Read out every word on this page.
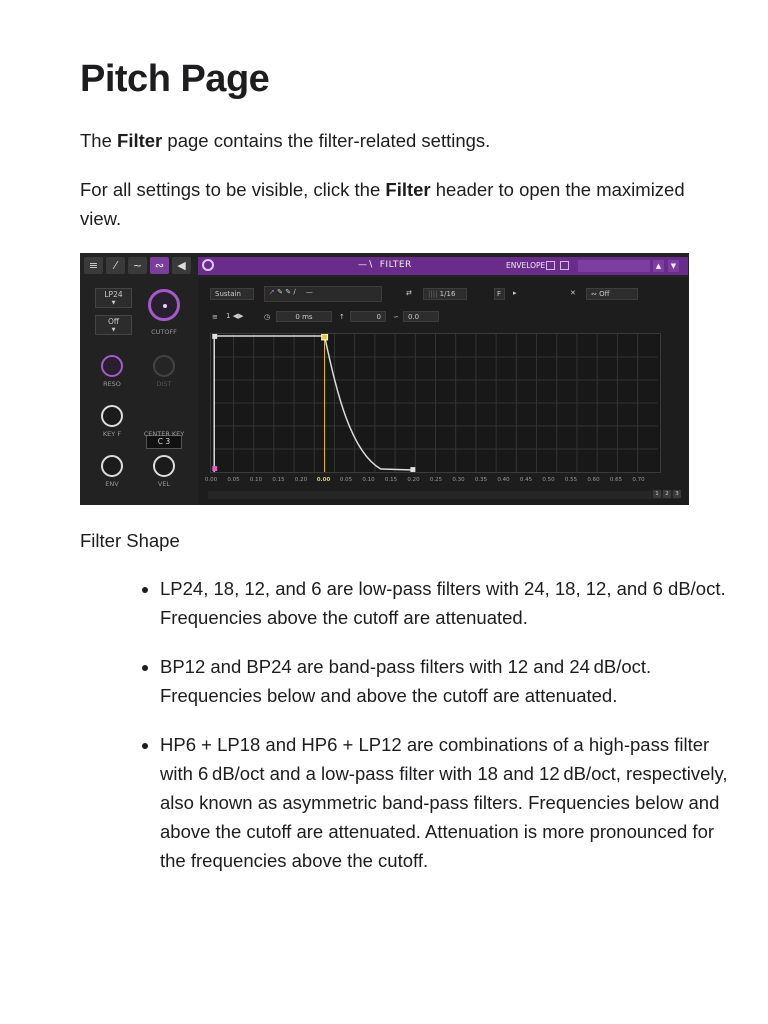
Pitch Page

The Filter page contains the filter-related settings.

For all settings to be visible, click the Filter header to open the maximized view.

≡	⁄	~	∾	◀	—∖ FILTER	ENVELOPE	▲	▼
LP24
▼
Off
▼	CUTOFF
RESO	DIST
KEY F
C 3
CENTER KEY
ENV	VEL
Sustain	➚ ✎ ✎ ∕ —	⇄	|||| 1/16	F	▸	✕	∾ Off
≡	1 ◀▶	◷	0 ms	↑	0	∽	0.0
0.00 0.05 0.10 0.15 0.20 0.00 0.05 0.10 0.15 0.20 0.25 0.30 0.35 0.40 0.45 0.50 0.55 0.60 0.65 0.70
1	2	3

Filter Shape

• LP24, 18, 12, and 6 are low-pass filters with 24, 18, 12, and 6 dB/oct. Frequencies above the cutoff are attenuated.
• BP12 and BP24 are band-pass filters with 12 and 24 dB/oct. Frequencies below and above the cutoff are attenuated.
• HP6 + LP18 and HP6 + LP12 are combinations of a high-pass filter with 6 dB/oct and a low-pass filter with 18 and 12 dB/oct, respectively, also known as asymmetric band-pass filters. Frequencies below and above the cutoff are attenuated. Attenuation is more pronounced for the frequencies above the cutoff.
